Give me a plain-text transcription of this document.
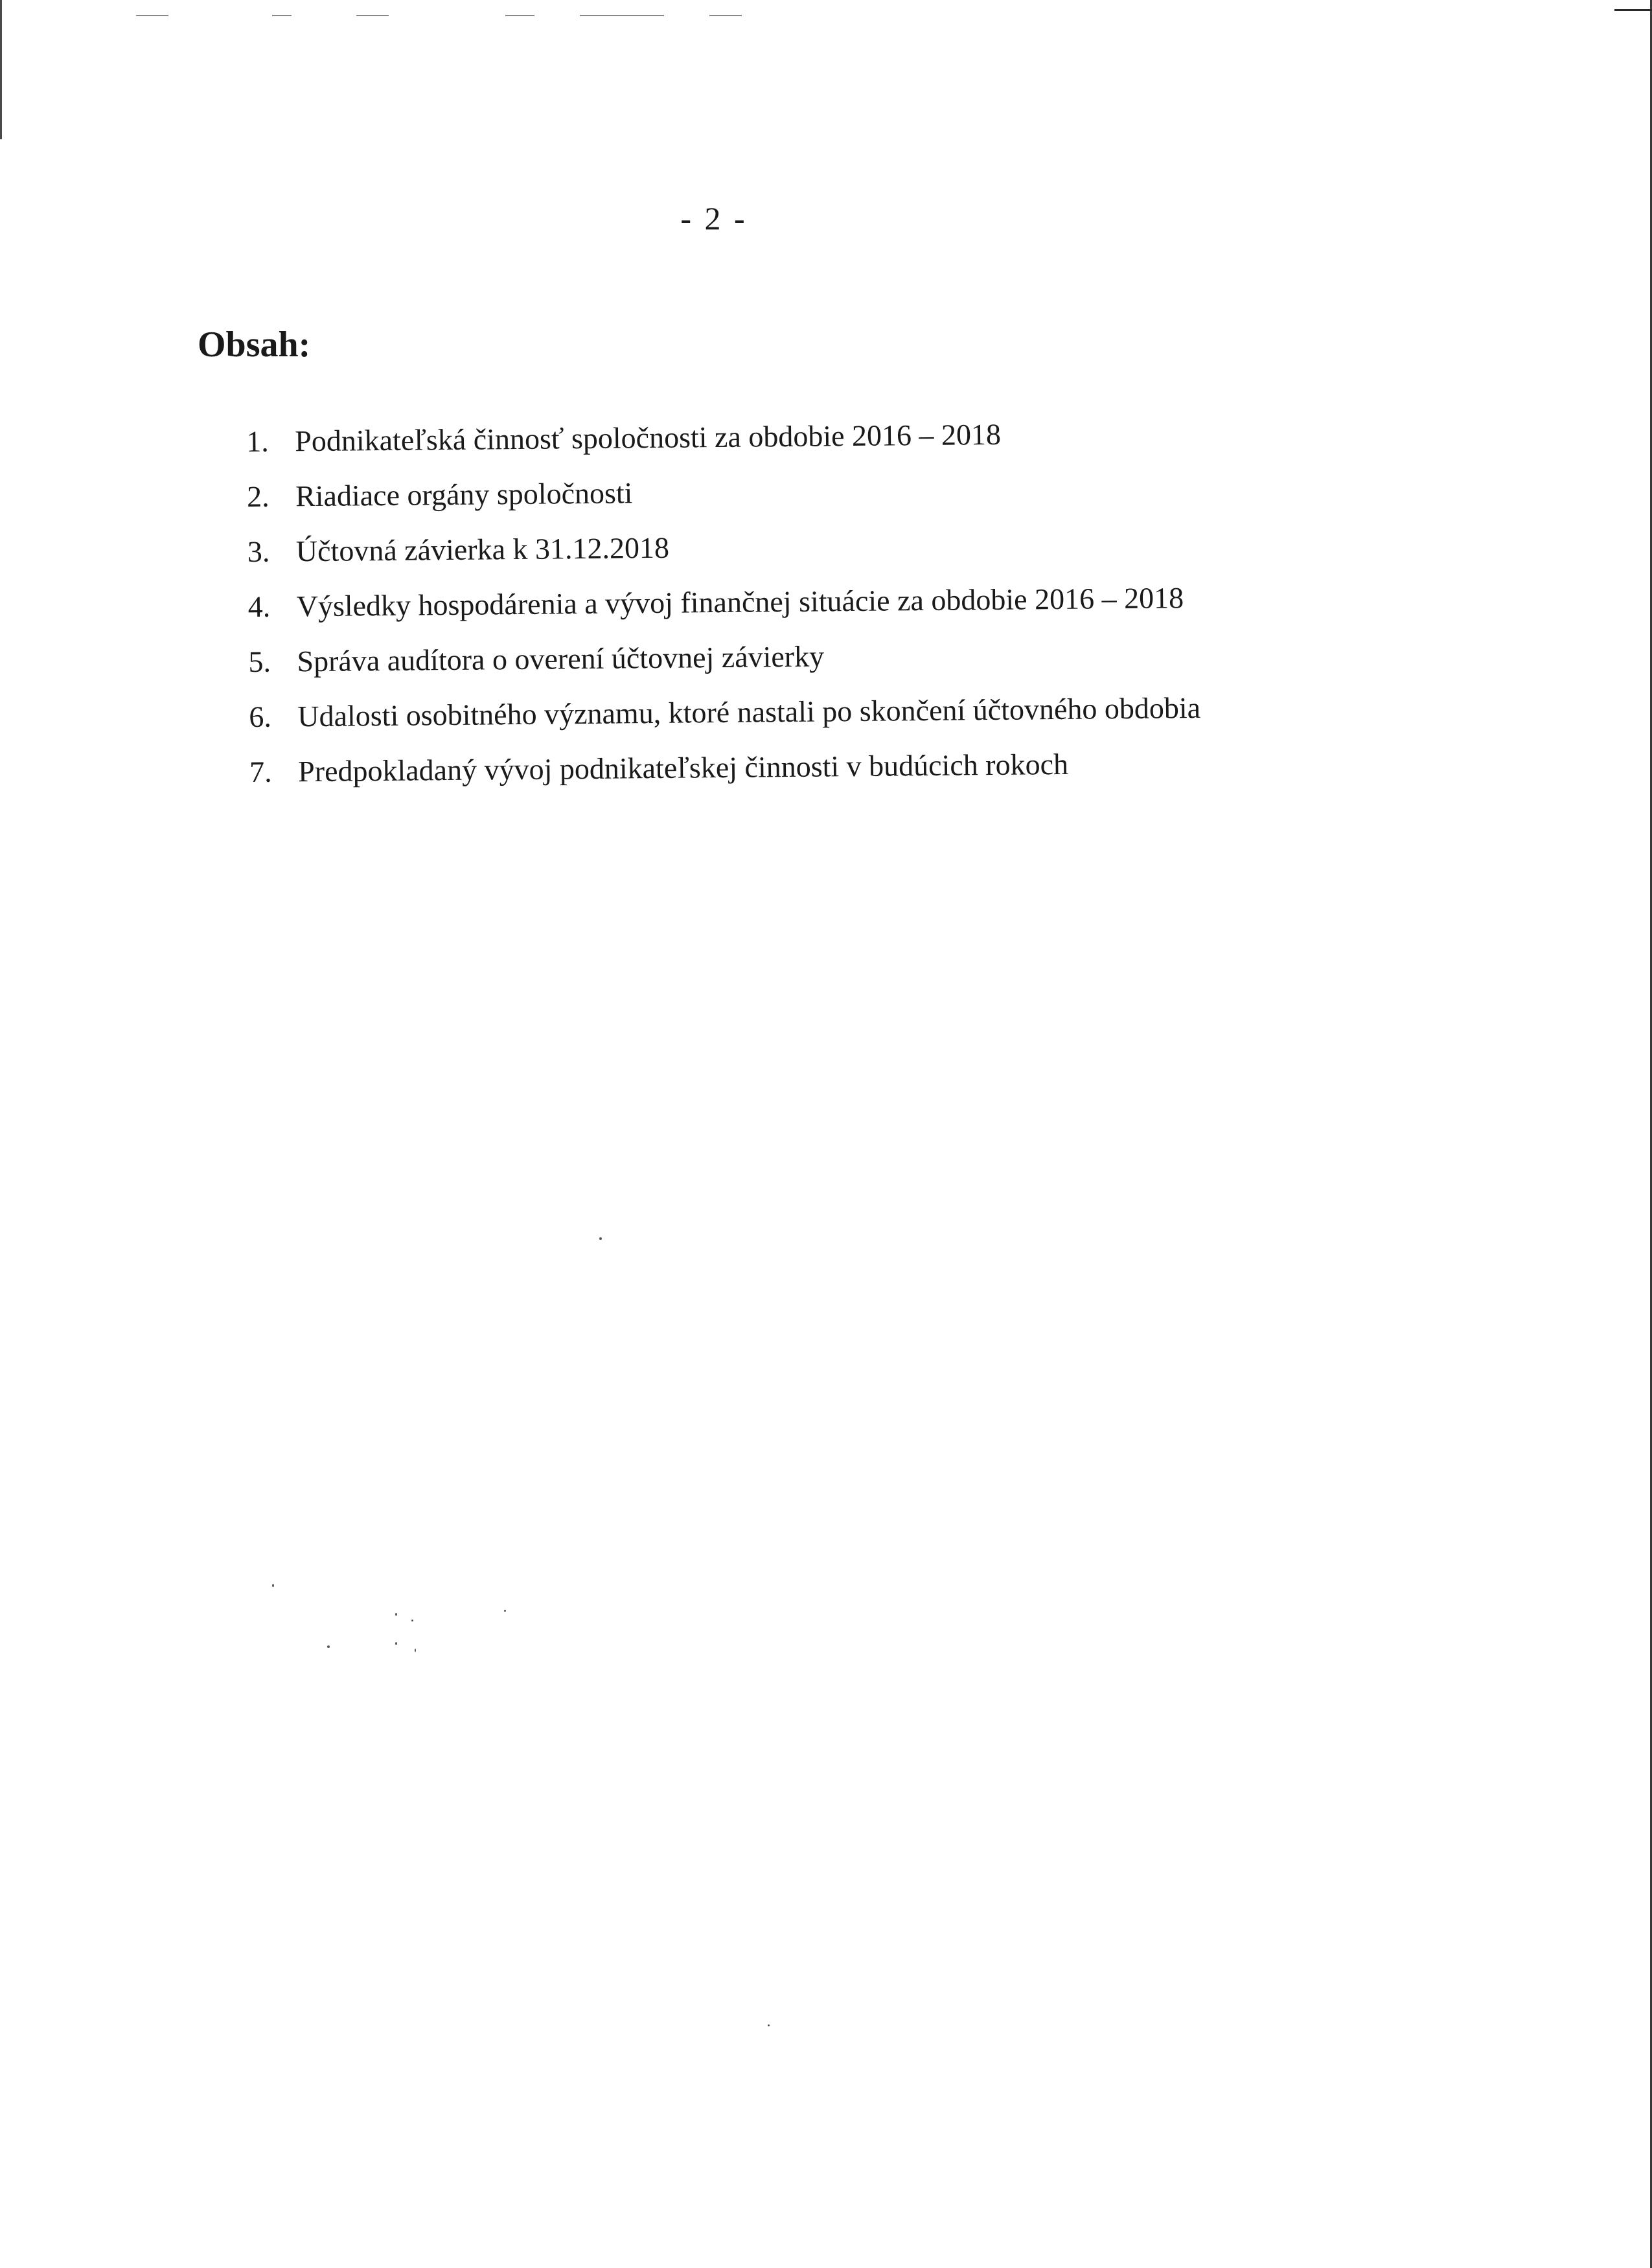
- 2 -
Obsah:
1. Podnikateľská činnosť spoločnosti za obdobie 2016 – 2018
2. Riadiace orgány spoločnosti
3. Účtovná závierka k 31.12.2018
4. Výsledky hospodárenia a vývoj finančnej situácie za obdobie 2016 – 2018
5. Správa audítora o overení účtovnej závierky
6. Udalosti osobitného významu, ktoré nastali po skončení účtovného obdobia
7. Predpokladaný vývoj podnikateľskej činnosti v budúcich rokoch
